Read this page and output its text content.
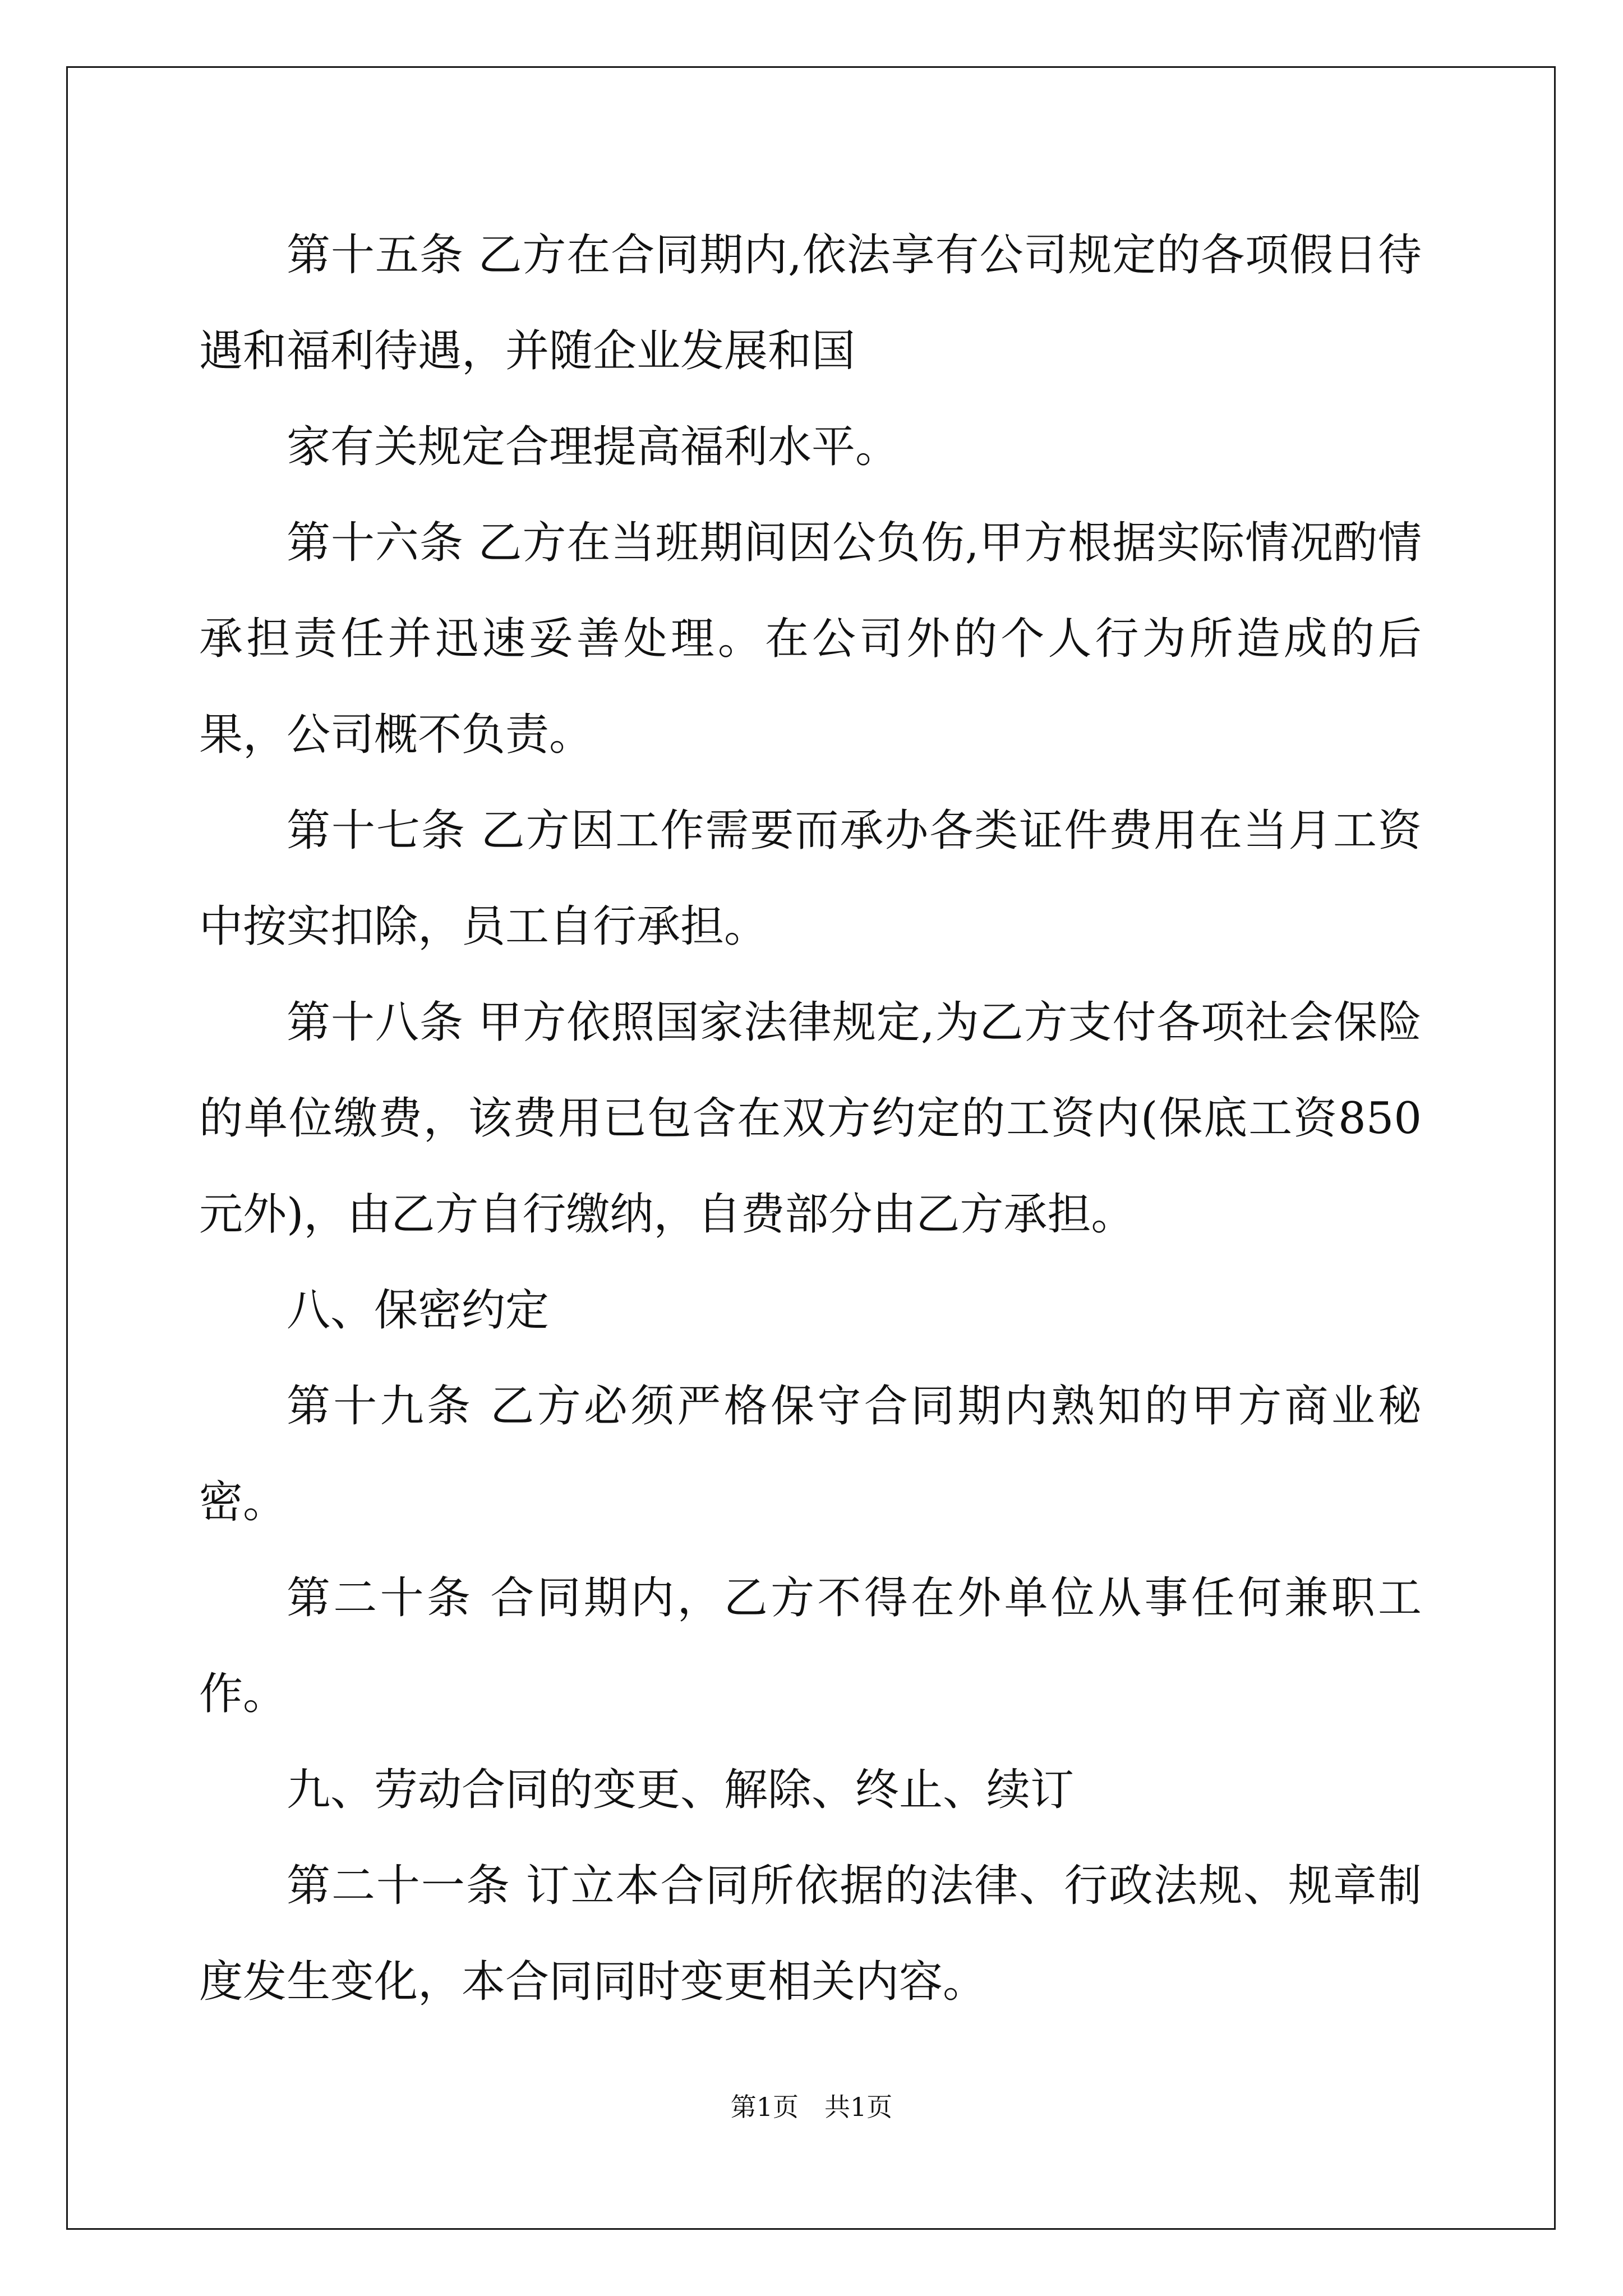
第十五条 乙方在合同期内,依法享有公司规定的各项假日待遇和福利待遇，并随企业发展和国

家有关规定合理提高福利水平。

第十六条 乙方在当班期间因公负伤,甲方根据实际情况酌情承担责任并迅速妥善处理。在公司外的个人行为所造成的后果，公司概不负责。

第十七条 乙方因工作需要而承办各类证件费用在当月工资中按实扣除，员工自行承担。

第十八条 甲方依照国家法律规定,为乙方支付各项社会保险的单位缴费，该费用已包含在双方约定的工资内(保底工资850元外)，由乙方自行缴纳，自费部分由乙方承担。

八、保密约定

第十九条 乙方必须严格保守合同期内熟知的甲方商业秘密。

第二十条 合同期内，乙方不得在外单位从事任何兼职工作。

九、劳动合同的变更、解除、终止、续订

第二十一条 订立本合同所依据的法律、行政法规、规章制度发生变化，本合同同时变更相关内容。

第1页　共1页
